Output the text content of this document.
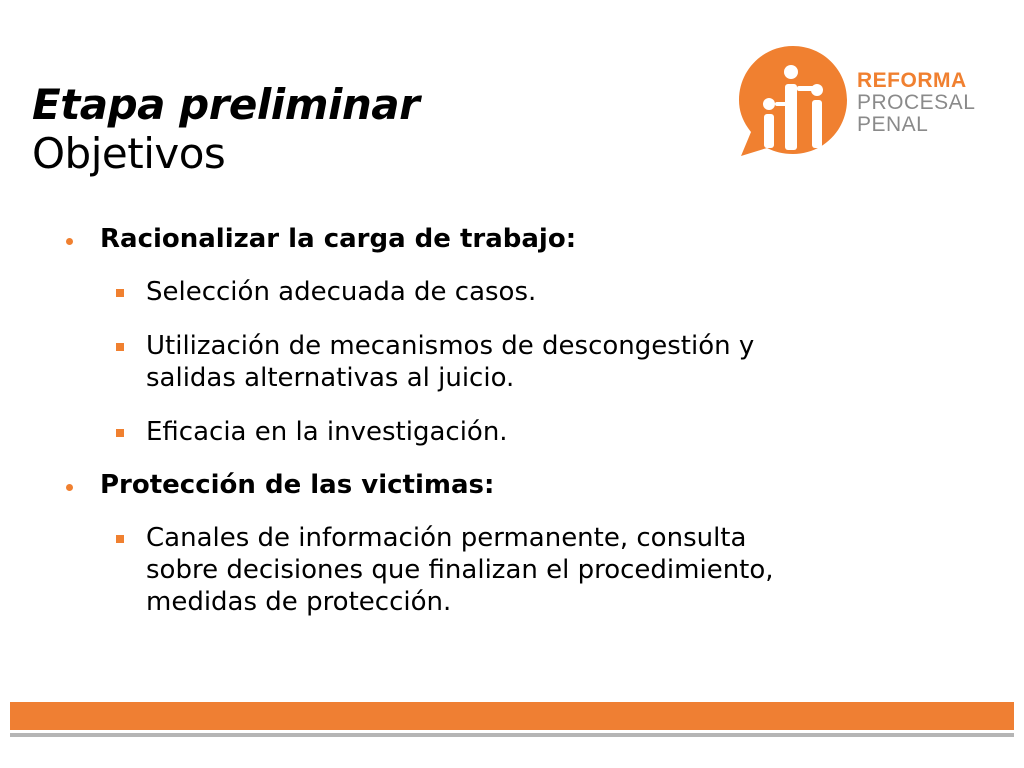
Etapa preliminar
Objetivos
REFORMA
PROCESAL
PENAL
Racionalizar la carga de trabajo:
Selección adecuada de casos.
Utilización de mecanismos de descongestión y
salidas alternativas al juicio.
Eficacia en la investigación.
Protección de las victimas:
Canales de información permanente, consulta
sobre decisiones que finalizan el procedimiento,
medidas de protección.
